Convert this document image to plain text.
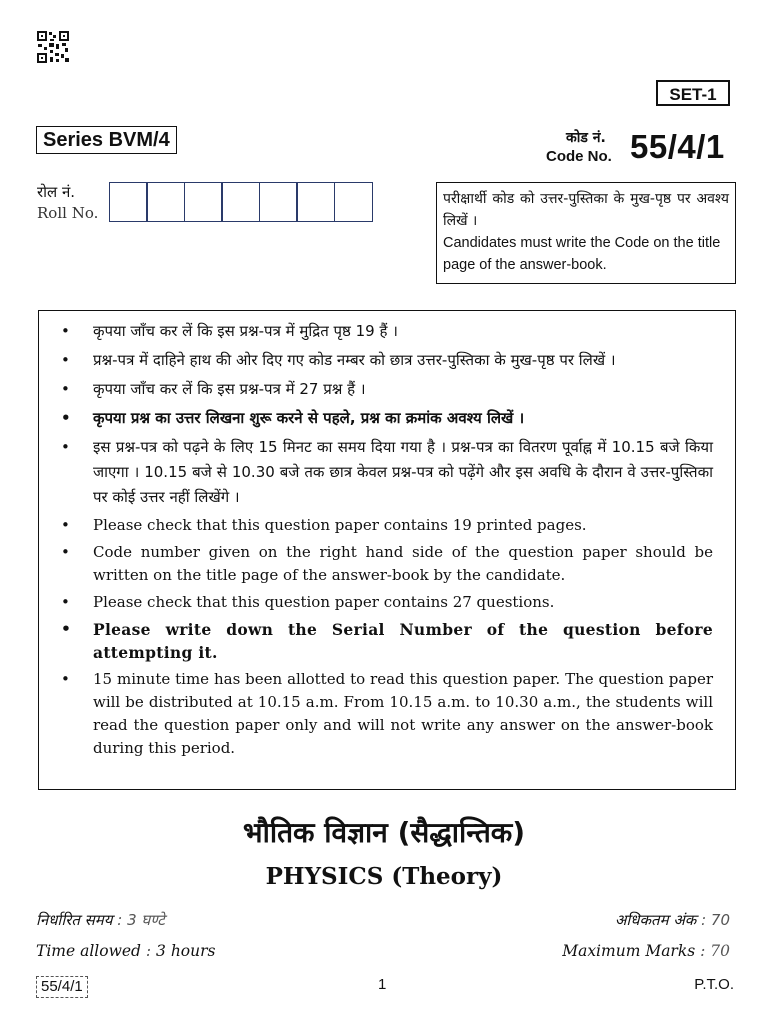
SET-1
Series BVM/4	कोड नं.
Code No. 55/4/1
रोल नं.
Roll No.
परीक्षार्थी कोड को उत्तर-पुस्तिका के मुख-पृष्ठ पर अवश्य लिखें ।
Candidates must write the Code on the title page of the answer-book.
• कृपया जाँच कर लें कि इस प्रश्न-पत्र में मुद्रित पृष्ठ 19 हैं ।
• प्रश्न-पत्र में दाहिने हाथ की ओर दिए गए कोड नम्बर को छात्र उत्तर-पुस्तिका के मुख-पृष्ठ पर लिखें ।
• कृपया जाँच कर लें कि इस प्रश्न-पत्र में 27 प्रश्न हैं ।
• कृपया प्रश्न का उत्तर लिखना शुरू करने से पहले, प्रश्न का क्रमांक अवश्य लिखें ।
• इस प्रश्न-पत्र को पढ़ने के लिए 15 मिनट का समय दिया गया है । प्रश्न-पत्र का वितरण पूर्वाह्न में 10.15 बजे किया जाएगा । 10.15 बजे से 10.30 बजे तक छात्र केवल प्रश्न-पत्र को पढ़ेंगे और इस अवधि के दौरान वे उत्तर-पुस्तिका पर कोई उत्तर नहीं लिखेंगे ।
• Please check that this question paper contains 19 printed pages.
• Code number given on the right hand side of the question paper should be written on the title page of the answer-book by the candidate.
• Please check that this question paper contains 27 questions.
• Please write down the Serial Number of the question before attempting it.
• 15 minute time has been allotted to read this question paper. The question paper will be distributed at 10.15 a.m. From 10.15 a.m. to 10.30 a.m., the students will read the question paper only and will not write any answer on the answer-book during this period.
भौतिक विज्ञान (सैद्धान्तिक)
PHYSICS (Theory)
निर्धारित समय : 3 घण्टे	अधिकतम अंक : 70
Time allowed : 3 hours	Maximum Marks : 70
55/4/1	1	P.T.O.
